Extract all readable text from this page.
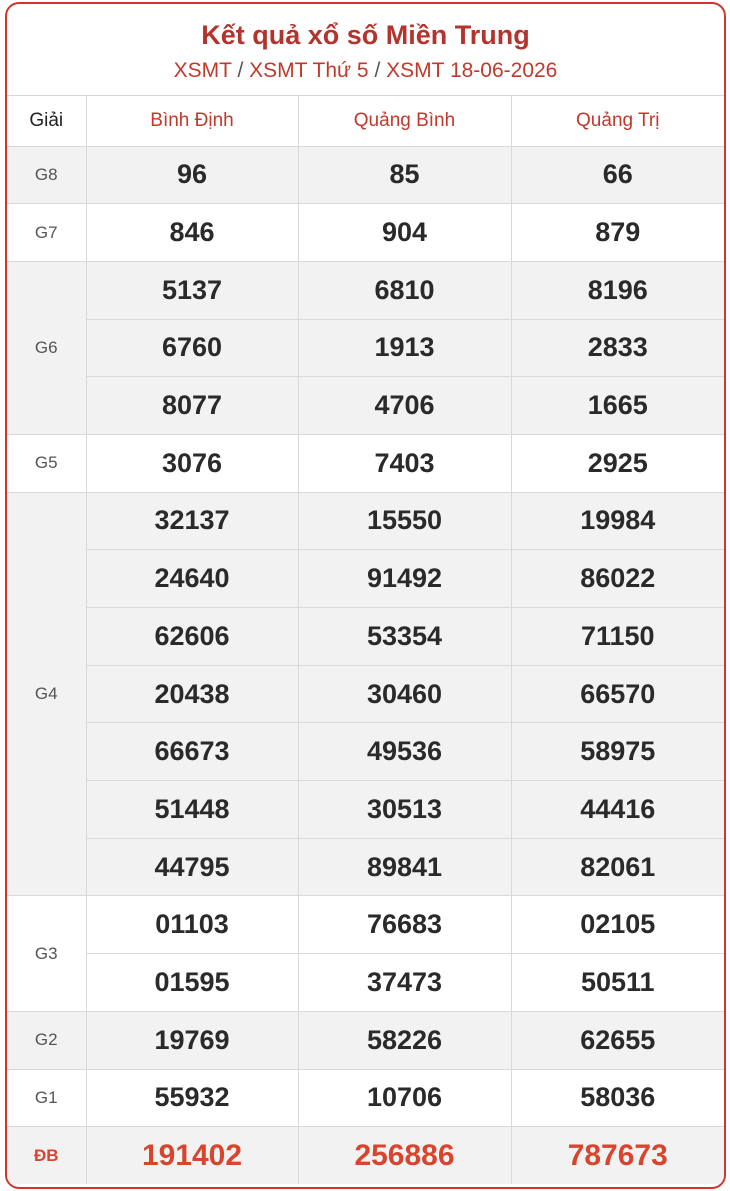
Kết quả xổ số Miền Trung
XSMT / XSMT Thứ 5 / XSMT 18-06-2026
Giải	Bình Định	Quảng Bình	Quảng Trị
G8	96	85	66
G7	846	904	879
G6	5137	6810	8196
	6760	1913	2833
	8077	4706	1665
G5	3076	7403	2925
G4	32137	15550	19984
	24640	91492	86022
	62606	53354	71150
	20438	30460	66570
	66673	49536	58975
	51448	30513	44416
	44795	89841	82061
G3	01103	76683	02105
	01595	37473	50511
G2	19769	58226	62655
G1	55932	10706	58036
ĐB	191402	256886	787673
